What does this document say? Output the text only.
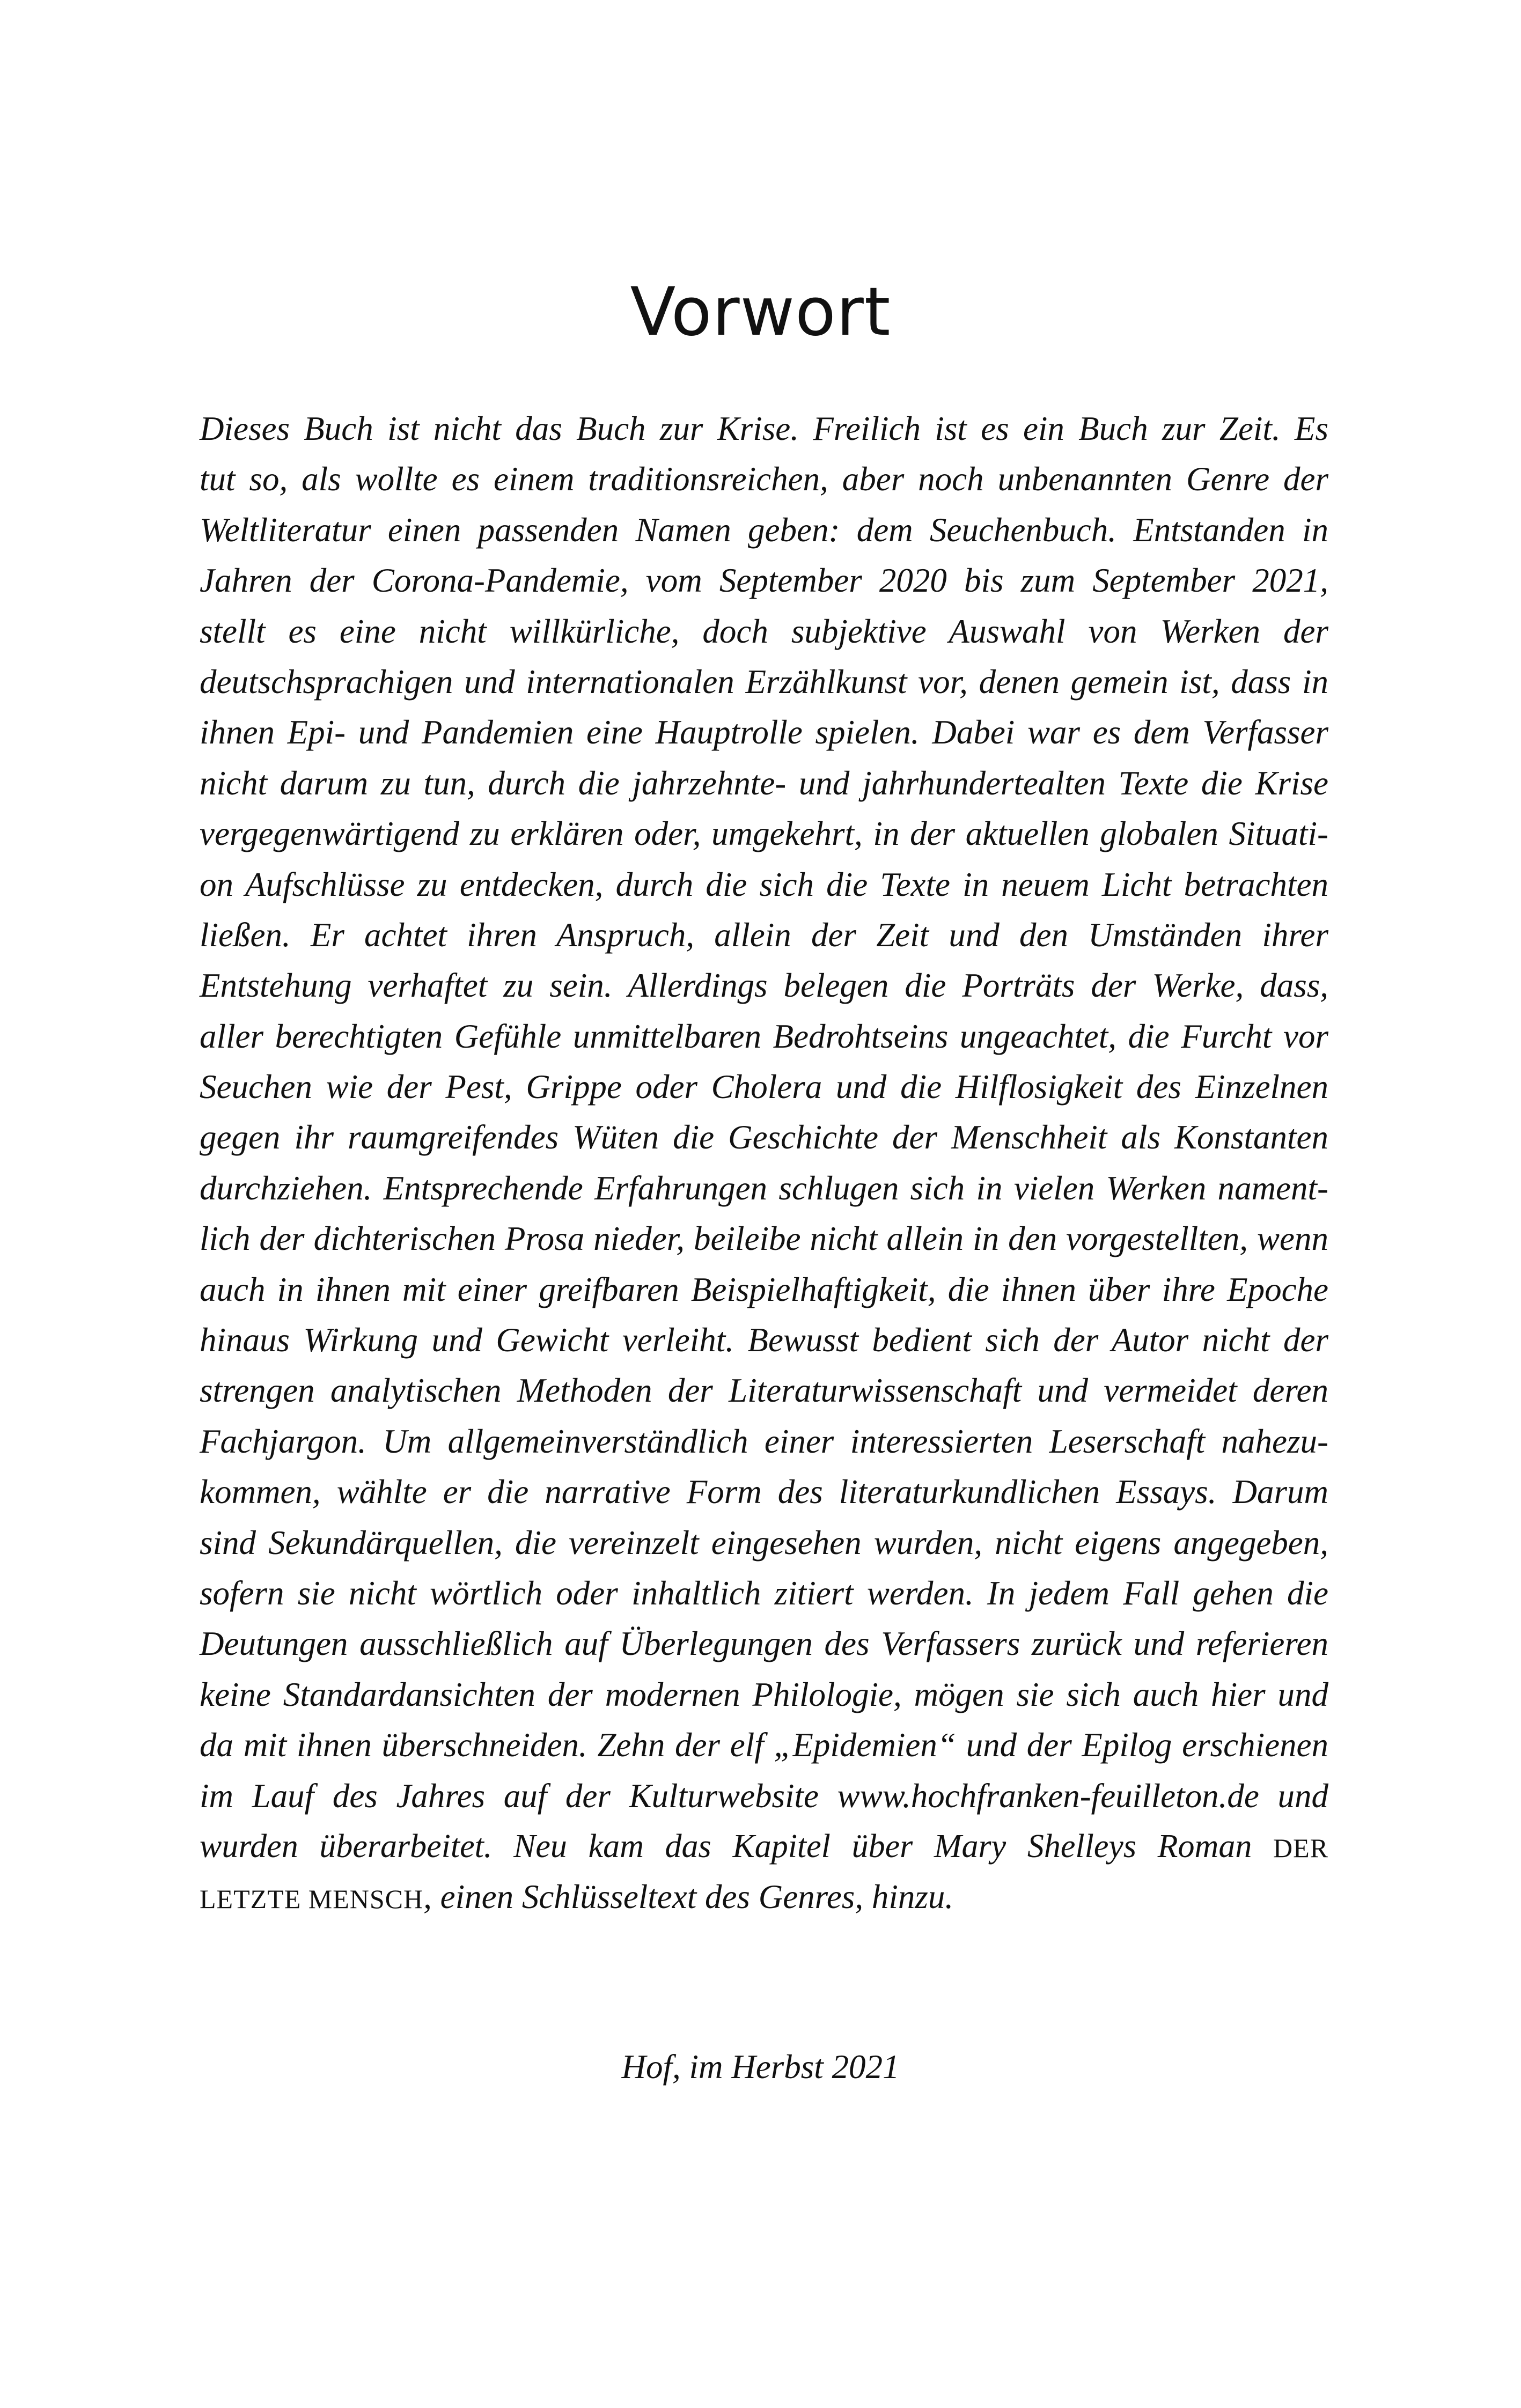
Vorwort
Dieses Buch ist nicht das Buch zur Krise. Freilich ist es ein Buch zur Zeit. Es
tut so, als wollte es einem traditionsreichen, aber noch unbenannten Genre der
Weltliteratur einen passenden Namen geben: dem Seuchenbuch. Entstanden in
Jahren der Corona-Pandemie, vom September 2020 bis zum September 2021,
stellt es eine nicht willkürliche, doch subjektive Auswahl von Werken der
deutschsprachigen und internationalen Erzählkunst vor, denen gemein ist, dass in
ihnen Epi- und Pandemien eine Hauptrolle spielen. Dabei war es dem Verfasser
nicht darum zu tun, durch die jahrzehnte- und jahrhundertealten Texte die Krise
vergegenwärtigend zu erklären oder, umgekehrt, in der aktuellen globalen Situati-
on Aufschlüsse zu entdecken, durch die sich die Texte in neuem Licht betrachten
ließen. Er achtet ihren Anspruch, allein der Zeit und den Umständen ihrer
Entstehung verhaftet zu sein. Allerdings belegen die Porträts der Werke, dass,
aller berechtigten Gefühle unmittelbaren Bedrohtseins ungeachtet, die Furcht vor
Seuchen wie der Pest, Grippe oder Cholera und die Hilflosigkeit des Einzelnen
gegen ihr raumgreifendes Wüten die Geschichte der Menschheit als Konstanten
durchziehen. Entsprechende Erfahrungen schlugen sich in vielen Werken nament-
lich der dichterischen Prosa nieder, beileibe nicht allein in den vorgestellten, wenn
auch in ihnen mit einer greifbaren Beispielhaftigkeit, die ihnen über ihre Epoche
hinaus Wirkung und Gewicht verleiht. Bewusst bedient sich der Autor nicht der
strengen analytischen Methoden der Literaturwissenschaft und vermeidet deren
Fachjargon. Um allgemeinverständlich einer interessierten Leserschaft nahezu-
kommen, wählte er die narrative Form des literaturkundlichen Essays. Darum
sind Sekundärquellen, die vereinzelt eingesehen wurden, nicht eigens angegeben,
sofern sie nicht wörtlich oder inhaltlich zitiert werden. In jedem Fall gehen die
Deutungen ausschließlich auf Überlegungen des Verfassers zurück und referieren
keine Standardansichten der modernen Philologie, mögen sie sich auch hier und
da mit ihnen überschneiden. Zehn der elf „Epidemien“ und der Epilog erschienen
im Lauf des Jahres auf der Kulturwebsite www.hochfranken-feuilleton.de und
wurden überarbeitet. Neu kam das Kapitel über Mary Shelleys Roman DER
LETZTE MENSCH, einen Schlüsseltext des Genres, hinzu.

Hof, im Herbst 2021
